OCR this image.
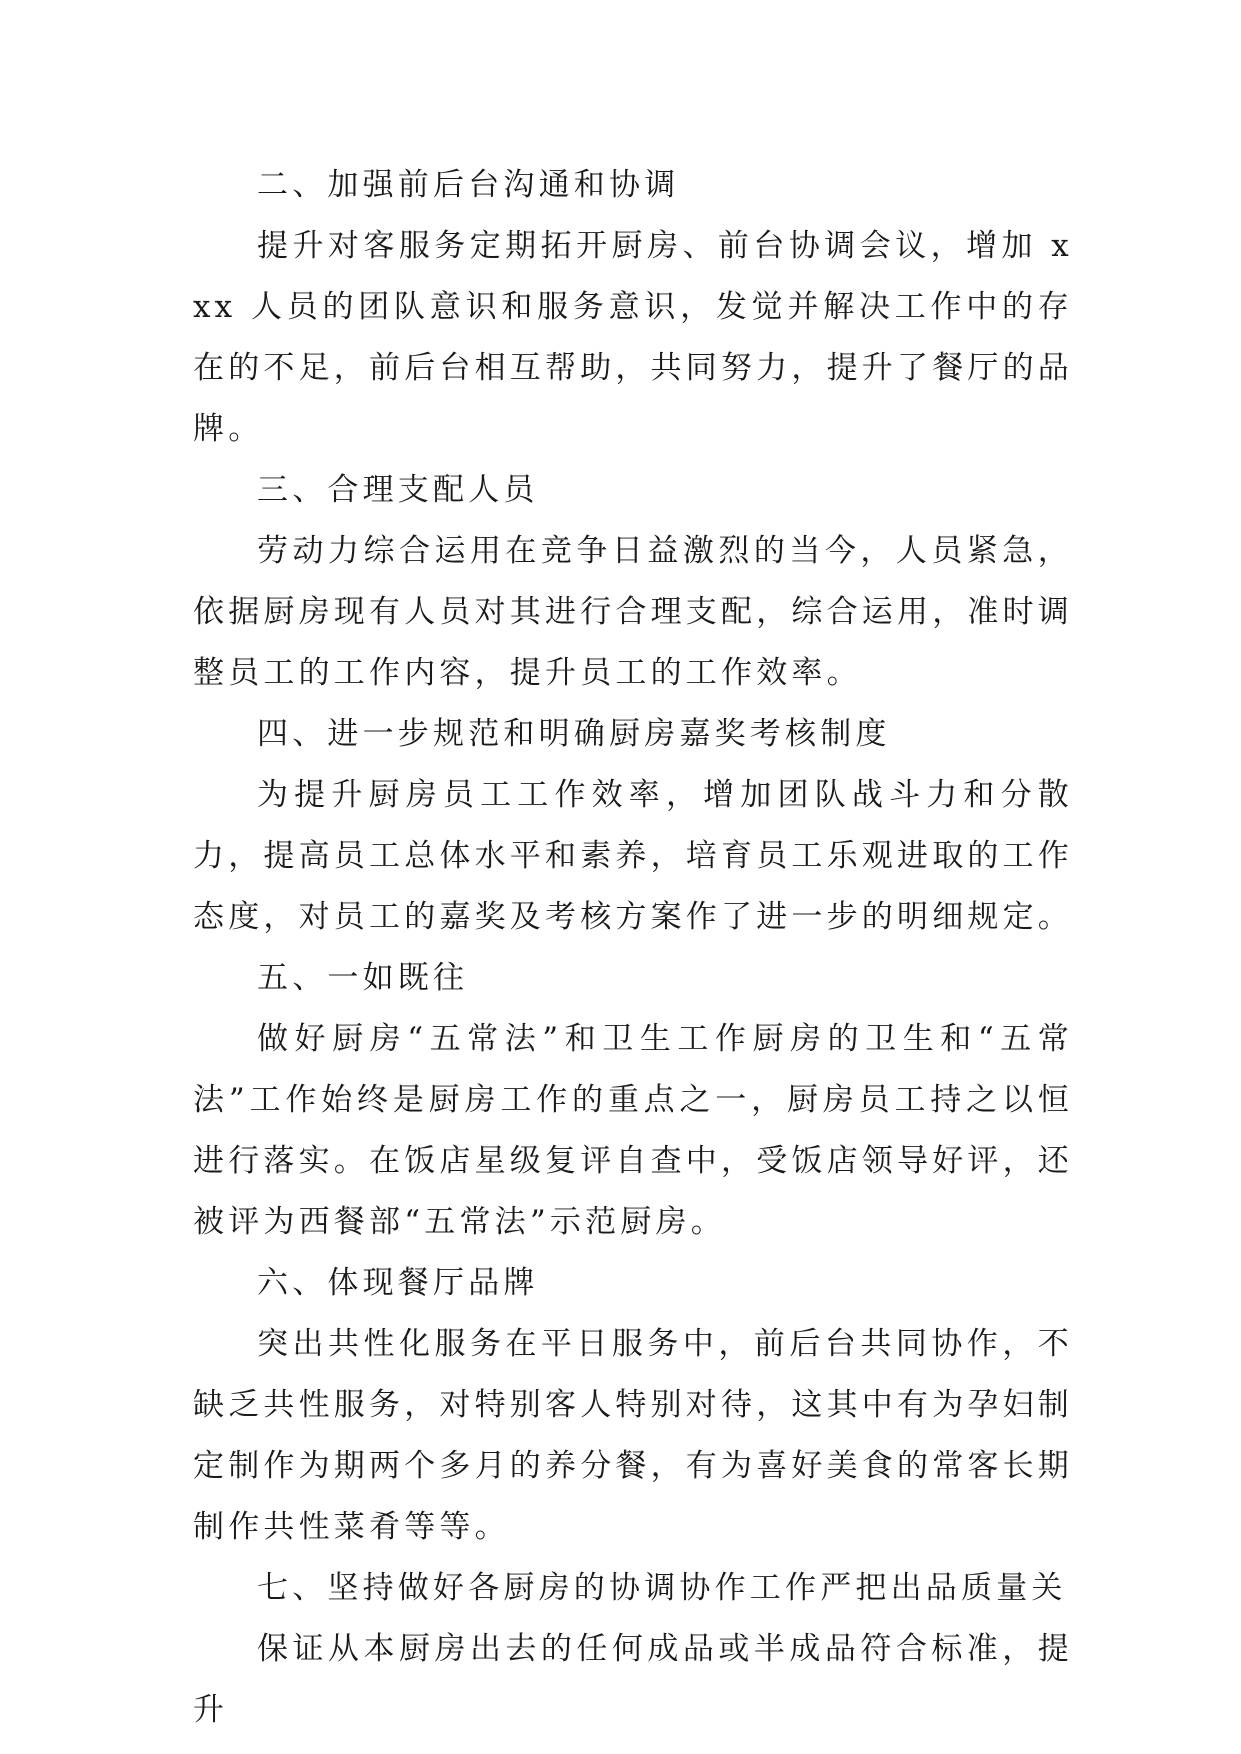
二、加强前后台沟通和协调

提升对客服务定期拓开厨房、前台协调会议，增加 xxx 人员的团队意识和服务意识，发觉并解决工作中的存在的不足，前后台相互帮助，共同努力，提升了餐厅的品牌。

三、合理支配人员

劳动力综合运用在竞争日益激烈的当今，人员紧急，依据厨房现有人员对其进行合理支配，综合运用，准时调整员工的工作内容，提升员工的工作效率。

四、进一步规范和明确厨房嘉奖考核制度

为提升厨房员工工作效率，增加团队战斗力和分散力，提高员工总体水平和素养，培育员工乐观进取的工作态度，对员工的嘉奖及考核方案作了进一步的明细规定。

五、一如既往

做好厨房“五常法”和卫生工作厨房的卫生和“五常法”工作始终是厨房工作的重点之一，厨房员工持之以恒进行落实。在饭店星级复评自查中，受饭店领导好评，还被评为西餐部“五常法”示范厨房。

六、体现餐厅品牌

突出共性化服务在平日服务中，前后台共同协作，不缺乏共性服务，对特别客人特别对待，这其中有为孕妇制定制作为期两个多月的养分餐，有为喜好美食的常客长期制作共性菜肴等等。

七、坚持做好各厨房的协调协作工作严把出品质量关

保证从本厨房出去的任何成品或半成品符合标准，提升
